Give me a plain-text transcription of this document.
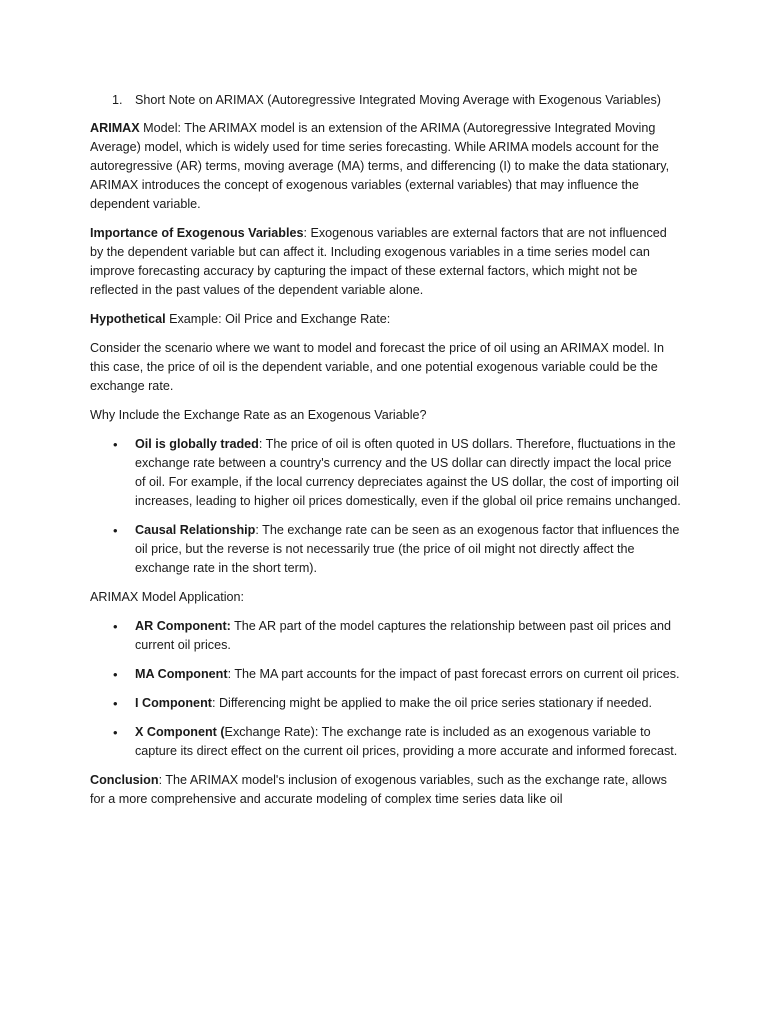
1. Short Note on ARIMAX (Autoregressive Integrated Moving Average with Exogenous Variables)

ARIMAX Model: The ARIMAX model is an extension of the ARIMA (Autoregressive Integrated Moving Average) model, which is widely used for time series forecasting. While ARIMA models account for the autoregressive (AR) terms, moving average (MA) terms, and differencing (I) to make the data stationary, ARIMAX introduces the concept of exogenous variables (external variables) that may influence the dependent variable.

Importance of Exogenous Variables: Exogenous variables are external factors that are not influenced by the dependent variable but can affect it. Including exogenous variables in a time series model can improve forecasting accuracy by capturing the impact of these external factors, which might not be reflected in the past values of the dependent variable alone.

Hypothetical Example: Oil Price and Exchange Rate:

Consider the scenario where we want to model and forecast the price of oil using an ARIMAX model. In this case, the price of oil is the dependent variable, and one potential exogenous variable could be the exchange rate.

Why Include the Exchange Rate as an Exogenous Variable?

• Oil is globally traded: The price of oil is often quoted in US dollars. Therefore, fluctuations in the exchange rate between a country's currency and the US dollar can directly impact the local price of oil. For example, if the local currency depreciates against the US dollar, the cost of importing oil increases, leading to higher oil prices domestically, even if the global oil price remains unchanged.
• Causal Relationship: The exchange rate can be seen as an exogenous factor that influences the oil price, but the reverse is not necessarily true (the price of oil might not directly affect the exchange rate in the short term).

ARIMAX Model Application:

• AR Component: The AR part of the model captures the relationship between past oil prices and current oil prices.
• MA Component: The MA part accounts for the impact of past forecast errors on current oil prices.
• I Component: Differencing might be applied to make the oil price series stationary if needed.
• X Component (Exchange Rate): The exchange rate is included as an exogenous variable to capture its direct effect on the current oil prices, providing a more accurate and informed forecast.

Conclusion: The ARIMAX model's inclusion of exogenous variables, such as the exchange rate, allows for a more comprehensive and accurate modeling of complex time series data like oil
